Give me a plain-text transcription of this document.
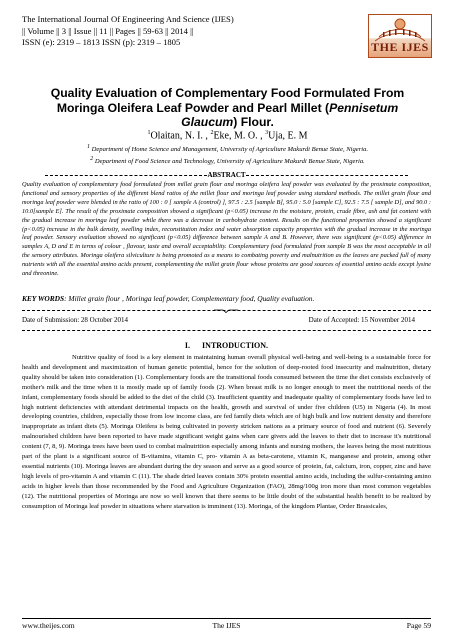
The International Journal Of Engineering And Science (IJES)
|| Volume || 3 || Issue || 11 || Pages || 59-63 || 2014 ||
ISSN (e): 2319 – 1813 ISSN (p): 2319 – 1805	THE IJES
Quality Evaluation of Complementary Food Formulated From Moringa Oleifera Leaf Powder and Pearl Millet (Pennisetum Glaucum) Flour.
$^1$Olaitan, N. I. , $^2$Eke, M. O. , $^3$Uja, E. M
$^1$ Department of Home Science and Management, University of Agriculture Makurdi Benue State, Nigeria.
$^2$ Department of Food Science and Technology, University of Agriculture Makurdi Benue State, Nigeria.
ABSTRACT
Quality evaluation of complementary food formulated from millet grain flour and moringa oleifera leaf powder was evaluated by the proximate composition, functional and sensory properties of the different blend ratios of the millet flour and moringa leaf powder using standard methods. The millet grain flour and moringa leaf powder were blended in the ratio of 100 : 0 [ sample A (control) ], 97.5 : 2.5 [sample B], 95.0 : 5.0 [sample C], 92.5 : 7.5 [ sample D], and 90.0 : 10.0[sample E]. The result of the proximate composition showed a significant (p<0.05) increase in the moisture, protein, crude fibre, ash and fat content with the gradual increase in moringa leaf powder while there was a decrease in carbohydrate content. Results on the functional properties showed a significant (p<0.05) increase in the bulk density, swelling index, reconstitution index and water absorption capacity properties with the gradual increase in the moringa leaf powder. Sensory evaluation showed no significant (p<0.05) difference between sample A and B. However, there was significant (p<0.05) difference in samples A, D and E in terms of colour , flavour, taste and overall acceptability. Complementary food formulated from sample B was the most acceptable in all the sensory attributes. Moringa oleifera silviculture is being promoted as a means to combating poverty and malnutrition as the leaves are packed full of many nutrients with all the essential amino acids present, complementing the millet grain flour whose proteins are good sources of essential amino acids except lysine and threonine.
KEY WORDS: Millet grain flour , Moringa leaf powder, Complementary food, Quality evaluation.
Date of Submission: 28 October 2014	Date of Accepted: 15 November 2014
I. INTRODUCTION.
Nutritive quality of food is a key element in maintaining human overall physical well-being and well-being is a sustainable force for health and development and maximization of human genetic potential, hence for the solution of deep-rooted food insecurity and malnutrition, dietary quality should be taken into consideration (1). Complementary foods are the transitional foods consumed between the time the diet consists exclusively of mother's milk and the time when it is mostly made up of family foods (2). When breast milk is no longer enough to meet the nutritional needs of the infant, complementary foods should be added to the diet of the child (3). Insufficient quantity and inadequate quality of complementary foods have led to high nutrient deficiencies with attendant detrimental impacts on the health, growth and survival of under five children (U5) in Nigeria (4). In most developing countries, children, especially those from low income class, are fed family diets which are of high bulk and low nutrient density and therefore inappropriate as infant diets (5). Moringa Oleifera is being cultivated in poverty stricken nations as a primary source of food and nutrient (6). Severely malnourished children have been reported to have made significant weight gains when care givers add the leaves to their diet to increase it's nutritional content (7, 8, 9). Moringa trees have been used to combat malnutrition especially among infants and nursing mothers, the leaves being the most nutritious part of the plant is a significant source of B-vitamins, vitamin C, pro- vitamin A as beta-carotene, vitamin K, manganese and protein, among other essential nutrients (10). Moringa leaves are abundant during the dry season and serve as a good source of protein, fat, calcium, iron, copper, zinc and have high levels of pro-vitamin A and vitamin C (11). The shade dried leaves contain 30% protein essential amino acids, including the sulfur-containing amino acids in higher levels than those recommended by the Food and Agriculture Organization (FAO), 28mg/100g iron more than most common vegetables (12). The nutritional properties of Moringa are now so well known that there seems to be little doubt of the substantial health benefit to be realized by consumption of Moringa leaf powder in situations where starvation is imminent (13). Moringa, of the kingdom Plantae, Order Brassicales,
www.theijes.com	The IJES	Page 59
